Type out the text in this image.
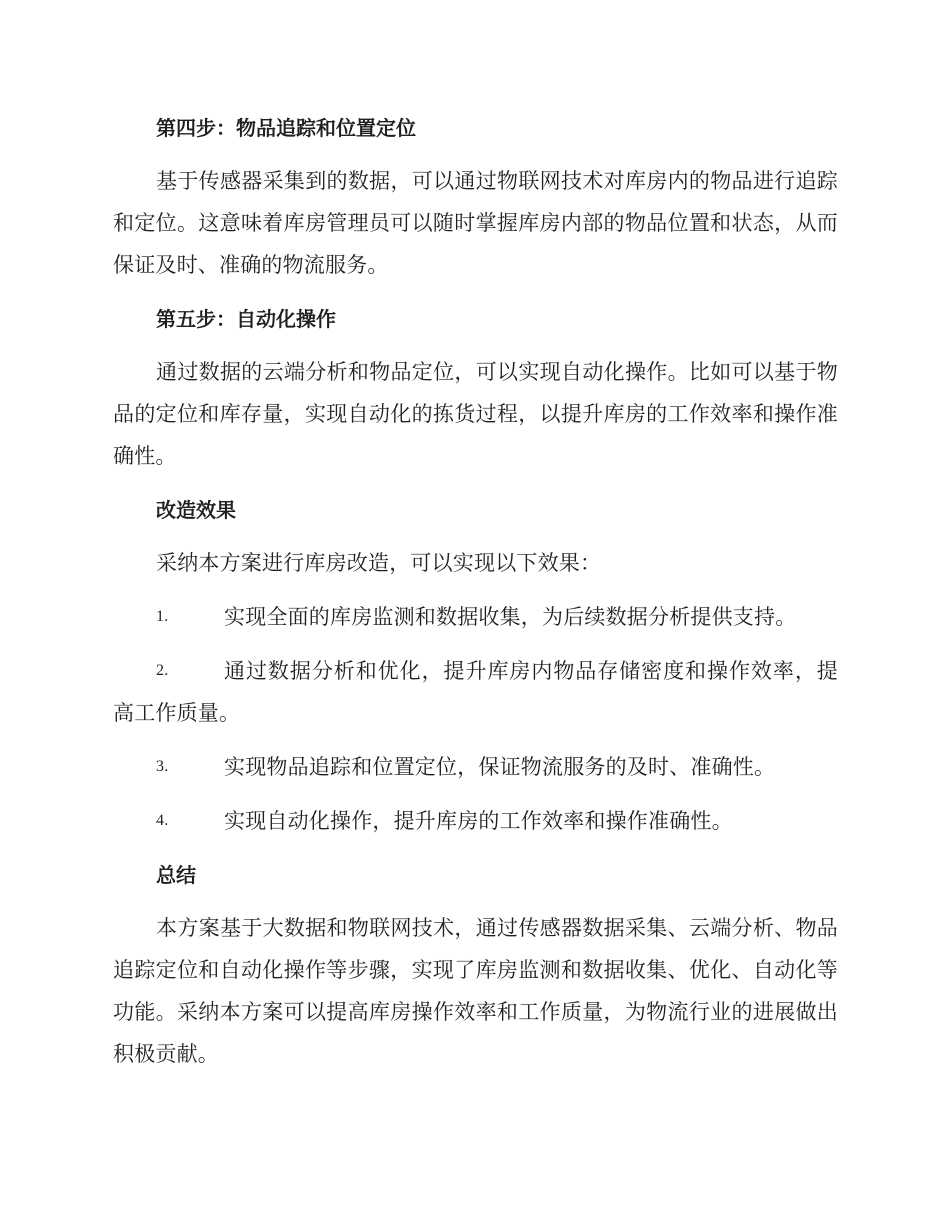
第四步：物品追踪和位置定位

基于传感器采集到的数据，可以通过物联网技术对库房内的物品进行追踪和定位。这意味着库房管理员可以随时掌握库房内部的物品位置和状态，从而保证及时、准确的物流服务。

第五步：自动化操作

通过数据的云端分析和物品定位，可以实现自动化操作。比如可以基于物品的定位和库存量，实现自动化的拣货过程，以提升库房的工作效率和操作准确性。

改造效果

采纳本方案进行库房改造，可以实现以下效果：

1.	实现全面的库房监测和数据收集，为后续数据分析提供支持。

2.	通过数据分析和优化，提升库房内物品存储密度和操作效率，提高工作质量。

3.	实现物品追踪和位置定位，保证物流服务的及时、准确性。

4.	实现自动化操作，提升库房的工作效率和操作准确性。

总结

本方案基于大数据和物联网技术，通过传感器数据采集、云端分析、物品追踪定位和自动化操作等步骤，实现了库房监测和数据收集、优化、自动化等功能。采纳本方案可以提高库房操作效率和工作质量，为物流行业的进展做出积极贡献。
